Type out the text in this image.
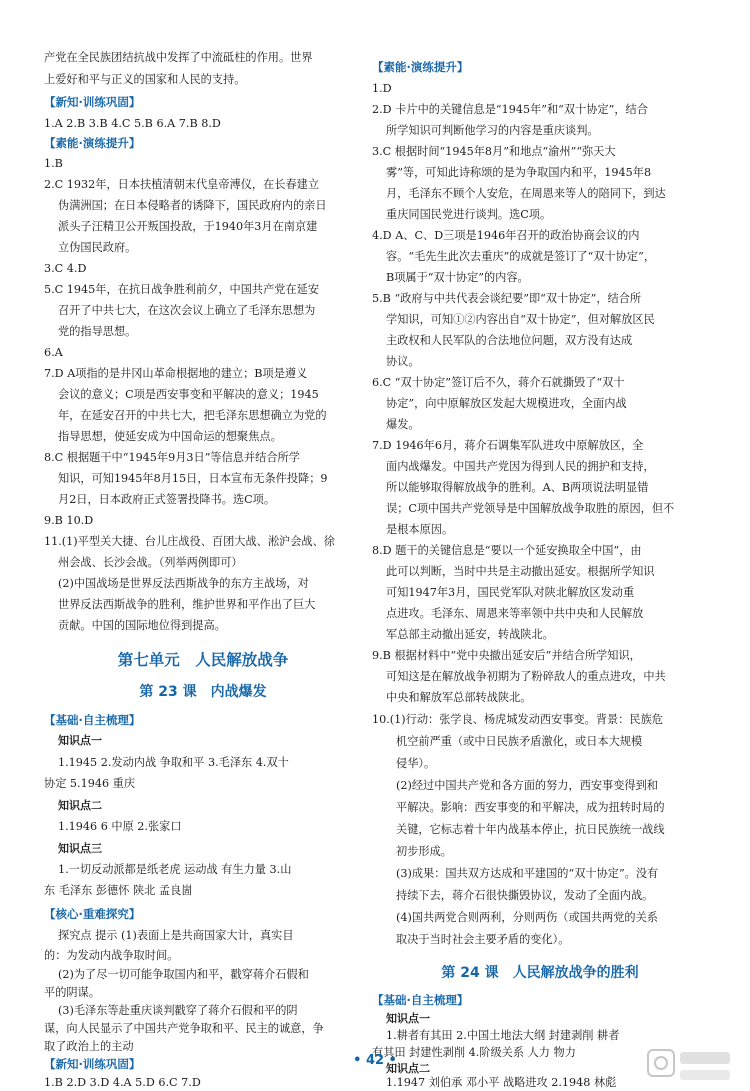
产党在全民族团结抗战中发挥了中流砥柱的作用。世界
上爱好和平与正义的国家和人民的支持。
【新知·训练巩固】
1.A 2.B 3.B 4.C 5.B 6.A 7.B 8.D
【素能·演练提升】
1.B
2.C 1932年，日本扶植清朝末代皇帝溥仪，在长春建立
伪满洲国；在日本侵略者的诱降下，国民政府内的亲日
派头子汪精卫公开叛国投敌，于1940年3月在南京建
立伪国民政府。
3.C 4.D
5.C 1945年，在抗日战争胜利前夕，中国共产党在延安
召开了中共七大，在这次会议上确立了毛泽东思想为
党的指导思想。
6.A
7.D A项指的是井冈山革命根据地的建立；B项是遵义
会议的意义；C项是西安事变和平解决的意义；1945
年，在延安召开的中共七大，把毛泽东思想确立为党的
指导思想，使延安成为中国命运的想聚焦点。
8.C 根据题干中“1945年9月3日”等信息并结合所学
知识，可知1945年8月15日，日本宣布无条件投降；9
月2日，日本政府正式签署投降书。选C项。
9.B 10.D
11.(1)平型关大捷、台儿庄战役、百团大战、淞沪会战、徐
州会战、长沙会战。（列举两例即可）
(2)中国战场是世界反法西斯战争的东方主战场，对
世界反法西斯战争的胜利，维护世界和平作出了巨大
贡献。中国的国际地位得到提高。
第七单元　人民解放战争
第 23 课　内战爆发
【基础·自主梳理】
知识点一
1.1945 2.发动内战 争取和平 3.毛泽东 4.双十
协定 5.1946 重庆
知识点二
1.1946 6 中原 2.张家口
知识点三
1.一切反动派都是纸老虎 运动战 有生力量 3.山
东 毛泽东 彭德怀 陕北 孟良崮
【核心·重难探究】
探究点 提示 (1)表面上是共商国家大计，真实目
的：为发动内战争取时间。
(2)为了尽一切可能争取国内和平，戳穿蒋介石假和
平的阴谋。
(3)毛泽东等赴重庆谈判戳穿了蒋介石假和平的阴
谋，向人民显示了中国共产党争取和平、民主的诚意，争
取了政治上的主动
【新知·训练巩固】
1.B 2.D 3.D 4.A 5.D 6.C 7.D
【素能·演练提升】
1.D
2.D 卡片中的关键信息是“1945年”和“双十协定”，结合
所学知识可判断他学习的内容是重庆谈判。
3.C 根据时间“1945年8月”和地点“渝州”“弥天大
雾”等，可知此诗称颂的是为争取国内和平，1945年8
月，毛泽东不顾个人安危，在周恩来等人的陪同下，到达
重庆同国民党进行谈判。选C项。
4.D A、C、D三项是1946年召开的政治协商会议的内
容。“毛先生此次去重庆”的成就是签订了“双十协定”，
B项属于“双十协定”的内容。
5.B “政府与中共代表会谈纪要”即“双十协定”，结合所
学知识，可知①②内容出自“双十协定”，但对解放区民
主政权和人民军队的合法地位问题，双方没有达成
协议。
6.C “双十协定”签订后不久，蒋介石就撕毁了“双十
协定”，向中原解放区发起大规模进攻，全面内战
爆发。
7.D 1946年6月，蒋介石调集军队进攻中原解放区，全
面内战爆发。中国共产党因为得到人民的拥护和支持，
所以能够取得解放战争的胜利。A、B两项说法明显错
误；C项中国共产党领导是中国解放战争取胜的原因，但不
是根本原因。
8.D 题干的关键信息是“要以一个延安换取全中国”，由
此可以判断，当时中共是主动撤出延安。根据所学知识
可知1947年3月，国民党军队对陕北解放区发动重
点进攻。毛泽东、周恩来等率领中共中央和人民解放
军总部主动撤出延安，转战陕北。
9.B 根据材料中“党中央撤出延安后”并结合所学知识，
可知这是在解放战争初期为了粉碎敌人的重点进攻，中共
中央和解放军总部转战陕北。
10.(1)行动：张学良、杨虎城发动西安事变。背景：民族危
机空前严重（或中日民族矛盾激化，或日本大规模
侵华）。
(2)经过中国共产党和各方面的努力，西安事变得到和
平解决。影响：西安事变的和平解决，成为扭转时局的
关键，它标志着十年内战基本停止，抗日民族统一战线
初步形成。
(3)成果：国共双方达成和平建国的“双十协定”。没有
持续下去，蒋介石很快撕毁协议，发动了全面内战。
(4)国共两党合则两利，分则两伤（或国共两党的关系
取决于当时社会主要矛盾的变化）。
第 24 课　人民解放战争的胜利
【基础·自主梳理】
知识点一
1.耕者有其田 2.中国土地法大纲 封建剥削 耕者
有其田 封建性剥削 4.阶级关系 人力 物力
知识点二
1.1947 刘伯承 邓小平 战略进攻 2.1948 林彪
• 42 •
